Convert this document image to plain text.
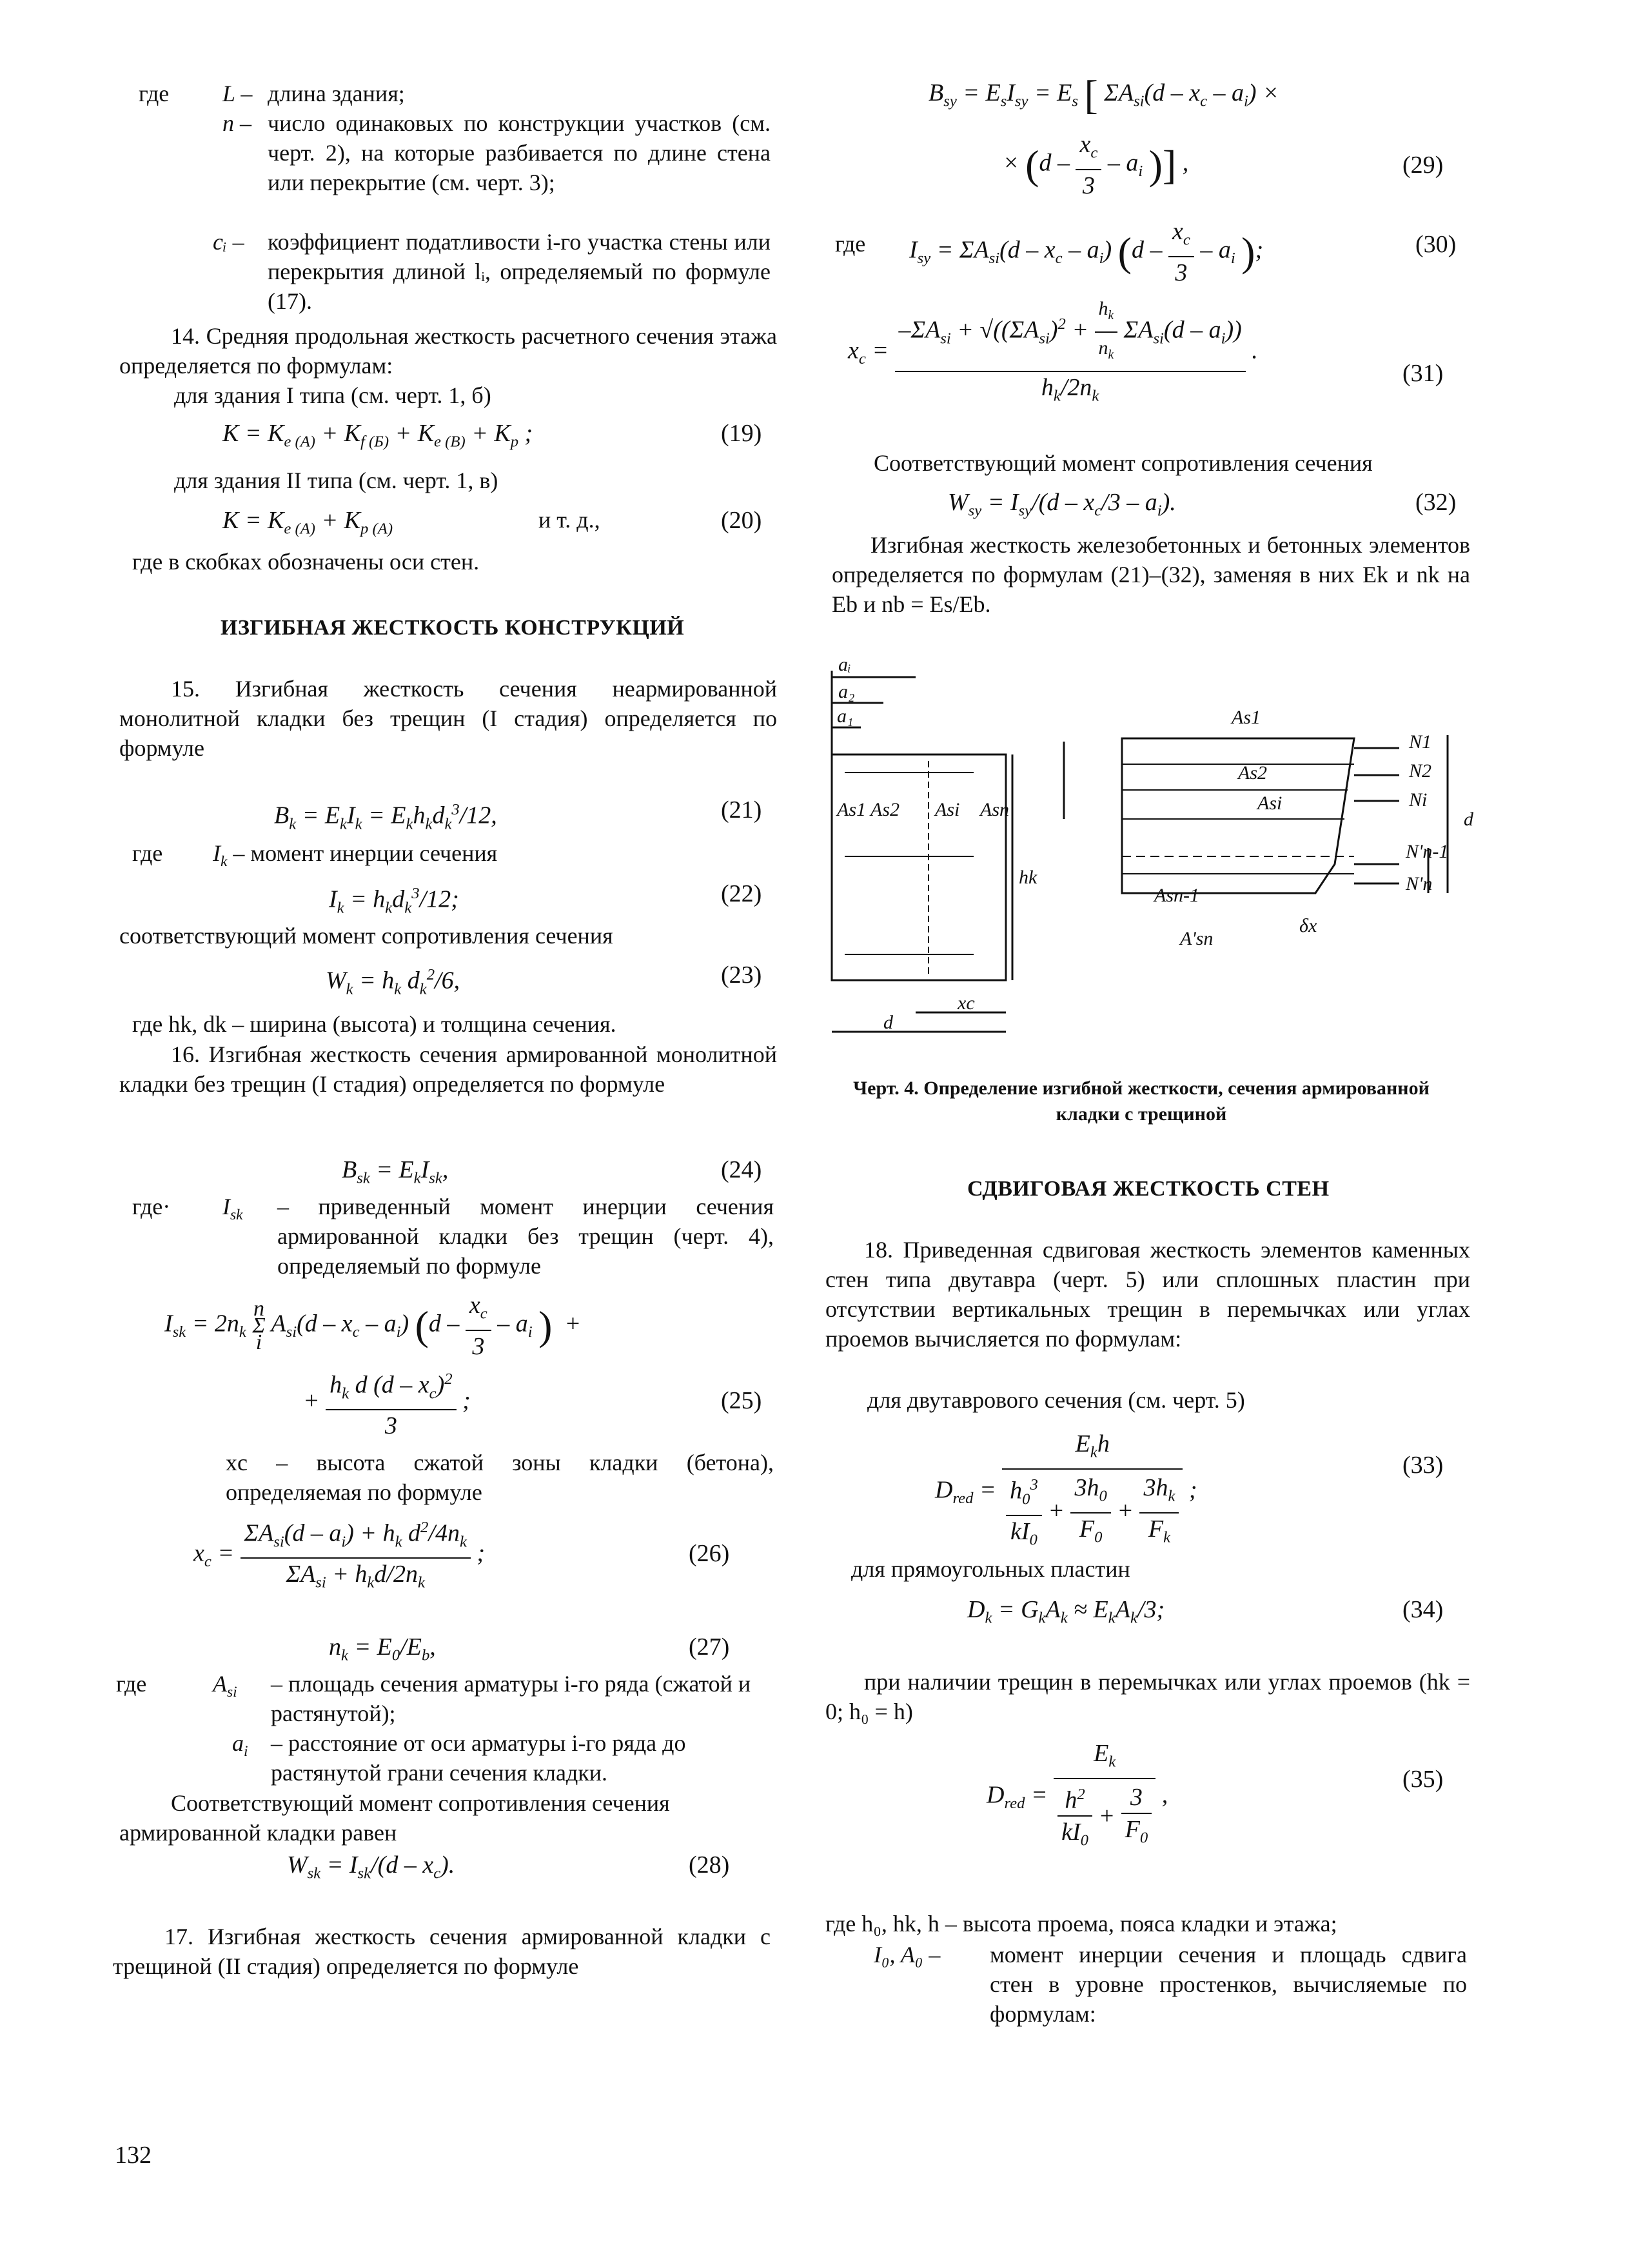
где L – длина здания;
n – число одинаковых по конструкции участков (см. черт. 2), на которые разбивается по длине стена или перекрытие (см. черт. 3);
cᵢ – коэффициент податливости i-го участка стены или перекрытия длиной lᵢ, определяемый по формуле (17).
14. Средняя продольная жесткость расчетного сечения этажа определяется по формулам:
для здания I типа (см. черт. 1, б)
$K = K_{e (А)} + K_{f (Б)} + K_{e (В)} + K_p$ ;	(19)
для здания II типа (см. черт. 1, в)
$K = K_{e (А)} + K_{p (А)}$	и т. д.,	(20)
где в скобках обозначены оси стен.
ИЗГИБНАЯ ЖЕСТКОСТЬ КОНСТРУКЦИЙ
15. Изгибная жесткость сечения неармированной монолитной кладки без трещин (I стадия) определяется по формуле
$B_k = E_kI_k = E_kh_kd_k^3/12$,	(21)
где $I_k$ – момент инерции сечения
$I_k = h_kd_k^3/12$;	(22)
соответствующий момент сопротивления сечения
$W_k = h_k$ $d_k^2/6$,	(23)
где hk, dk – ширина (высота) и толщина сечения.
16. Изгибная жесткость сечения армированной монолитной кладки без трещин (I стадия) определяется по формуле
$B_{sk} = E_kI_{sk}$,	(24)
$где\cdot I_{sk}$ – приведенный момент инерции сечения армированной кладки без трещин (черт. 4), определяемый по формуле
$I_{sk} = 2n_k$ n
Σ
i $A_{si}(d - x_c - a_i)$ ($d - \frac{x_c}{3} - a_i$ )  +
+ $\frac{h_k d (d - x_c)^2}{3}$ ;	(25)
xc – высота сжатой зоны кладки (бетона), определяемая по формуле
$x_c = \frac{\Sigma A_{si}(d - a_i) + h_k d^2/4n_k}{\Sigma A_{si} + h_kd/2n_k}$ ;	(26)
$n_k = E_0/E_b$,	(27)
где	$A_{si}$ – площадь сечения арматуры i-го ряда (сжатой и растянутой);
$a_i$ – расстояние от оси арматуры i-го ряда до растянутой грани сечения кладки.
Соответствующий момент сопротивления сечения армированной кладки равен
$W_{sk} = I_{sk}/(d - x_c)$.	(28)
17. Изгибная жесткость сечения армированной кладки с трещиной (II стадия) определяется по формуле
132
$B_{sy} = E_sI_{sy} = E_s$ [ $\Sigma A_{si}(d - x_c - a_i)$ ×
× ($d - \frac{x_c}{3} - a_i$ )] ,	(29)
где $I_{sy} = \Sigma A_{si}(d - x_c - a_i)$ ($d - \frac{x_c}{3} - a_i$ );	(30)
$x_c = \frac{-\Sigma A_{si} + √((\Sigma A_{si})^2 + \frac{h_k}{n_k} \Sigma A_{si}(d - a_i))}{h_k/2n_k}$ .
(31)
Соответствующий момент сопротивления сечения
$W_{sy} = I_{sy}/(d - x_c/3 - a_i)$.	(32)
Изгибная жесткость железобетонных и бетонных элементов определяется по формулам (21)–(32), заменяя в них Ek и nk на Eb и nb = Es/Eb.
aᵢ
a₂
a₁
As1 As2 Asi Asn
hk
d
xc
As1
As2
Asi
Asn-1
A'sn
N1
N2
Ni
N'n-1
N'n
d
δx
Черт. 4. Определение изгибной жесткости, сечения армированной кладки с трещиной
СДВИГОВАЯ ЖЕСТКОСТЬ СТЕН
18. Приведенная сдвиговая жесткость элементов каменных стен типа двутавра (черт. 5) или сплошных пластин при отсутствии вертикальных трещин в перемычках или углах проемов вычисляется по формулам:
для двутаврового сечения (см. черт. 5)
$D_{red} = \frac{E_kh}{\frac{h_0^3}{kI_0} + \frac{3h_0}{F_0} + \frac{3h_k}{F_k}}$ ;
(33)
для прямоугольных пластин
$D_k = G_kA_k \approx E_kA_k/3$;	(34)
при наличии трещин в перемычках или углах проемов (hk = 0; h₀ = h)
$D_{red} = \frac{E_k}{\frac{h^2}{kI_0} + \frac{3}{F_0}}$ ,
(35)
где h₀, hk, h – высота проема, пояса кладки и этажа;
I₀, A₀ – момент инерции сечения и площадь сдвига стен в уровне простенков, вычисляемые по формулам:
